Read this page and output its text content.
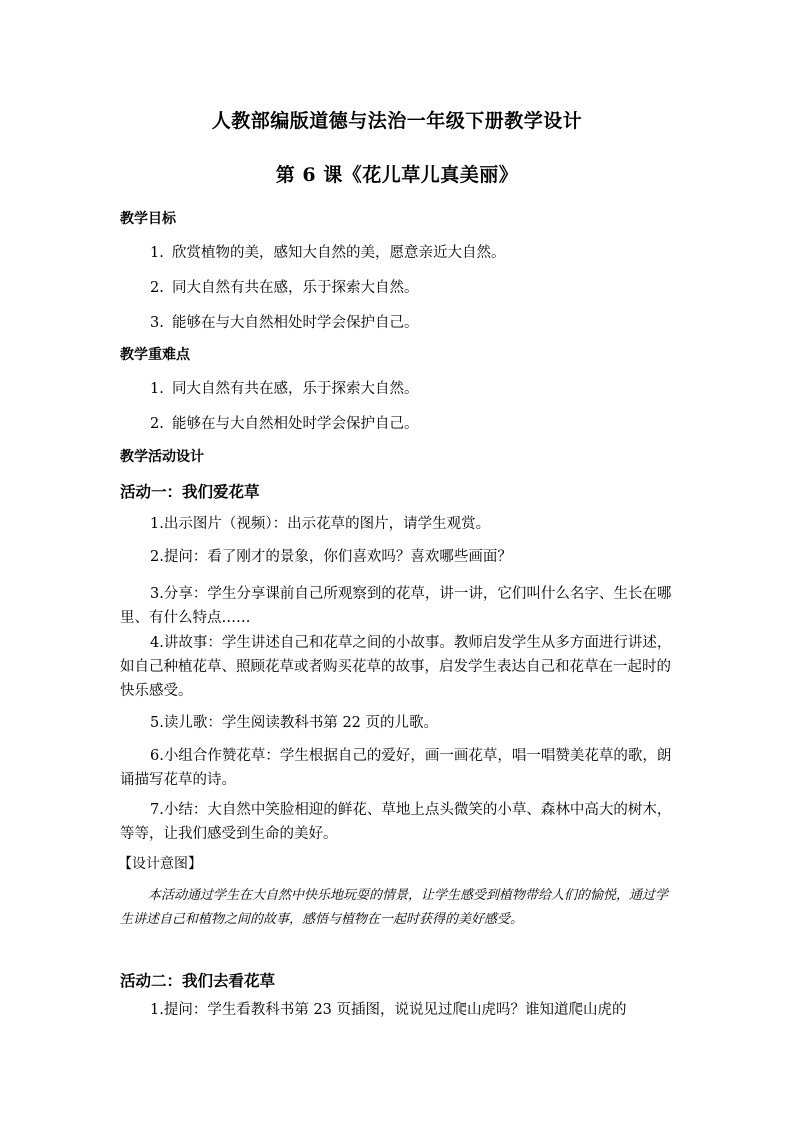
人教部编版道德与法治一年级下册教学设计
第 6 课《花儿草儿真美丽》
教学目标
1. 欣赏植物的美，感知大自然的美，愿意亲近大自然。
2. 同大自然有共在感，乐于探索大自然。
3. 能够在与大自然相处时学会保护自己。
教学重难点
1. 同大自然有共在感，乐于探索大自然。
2. 能够在与大自然相处时学会保护自己。
教学活动设计
活动一：我们爱花草
1.出示图片（视频）：出示花草的图片，请学生观赏。
2.提问：看了刚才的景象，你们喜欢吗？喜欢哪些画面？
3.分享：学生分享课前自己所观察到的花草，讲一讲，它们叫什么名字、生长在哪里、有什么特点……
4.讲故事：学生讲述自己和花草之间的小故事。教师启发学生从多方面进行讲述，如自己种植花草、照顾花草或者购买花草的故事，启发学生表达自己和花草在一起时的快乐感受。
5.读儿歌：学生阅读教科书第 22 页的儿歌。
6.小组合作赞花草：学生根据自己的爱好，画一画花草，唱一唱赞美花草的歌，朗诵描写花草的诗。
7.小结：大自然中笑脸相迎的鲜花、草地上点头微笑的小草、森林中高大的树木，等等，让我们感受到生命的美好。
【设计意图】
本活动通过学生在大自然中快乐地玩耍的情景，让学生感受到植物带给人们的愉悦，通过学生讲述自己和植物之间的故事，感悟与植物在一起时获得的美好感受。
活动二：我们去看花草
1.提问：学生看教科书第 23 页插图，说说见过爬山虎吗？谁知道爬山虎的
